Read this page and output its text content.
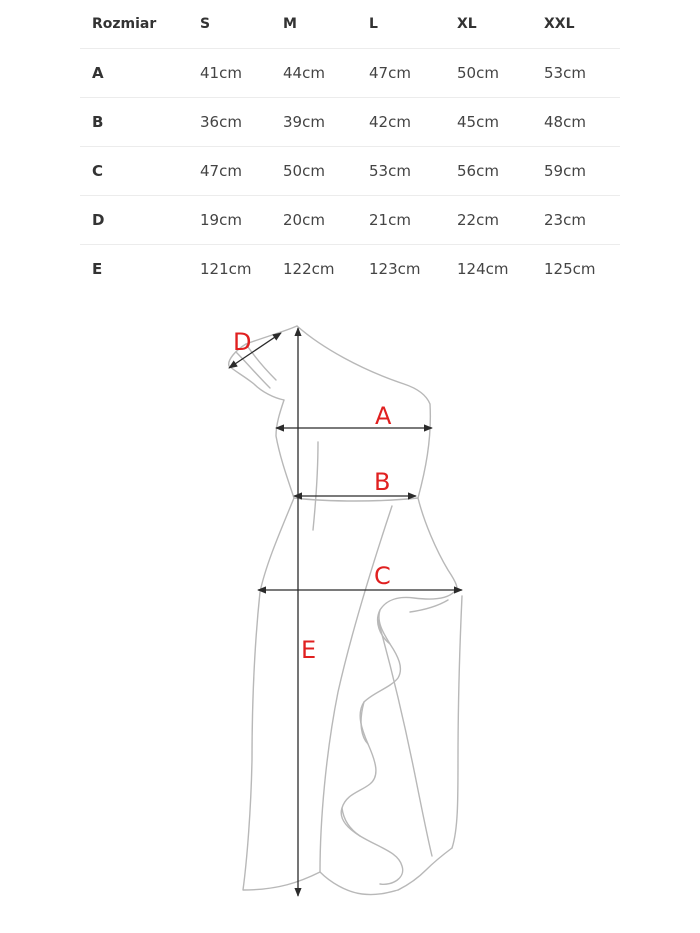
Rozmiar	S	M	L	XL	XXL
A	41cm	44cm	47cm	50cm	53cm
B	36cm	39cm	42cm	45cm	48cm
C	47cm	50cm	53cm	56cm	59cm
D	19cm	20cm	21cm	22cm	23cm
E	121cm 122cm 123cm 124cm 125cm
A
B
C
D
E
